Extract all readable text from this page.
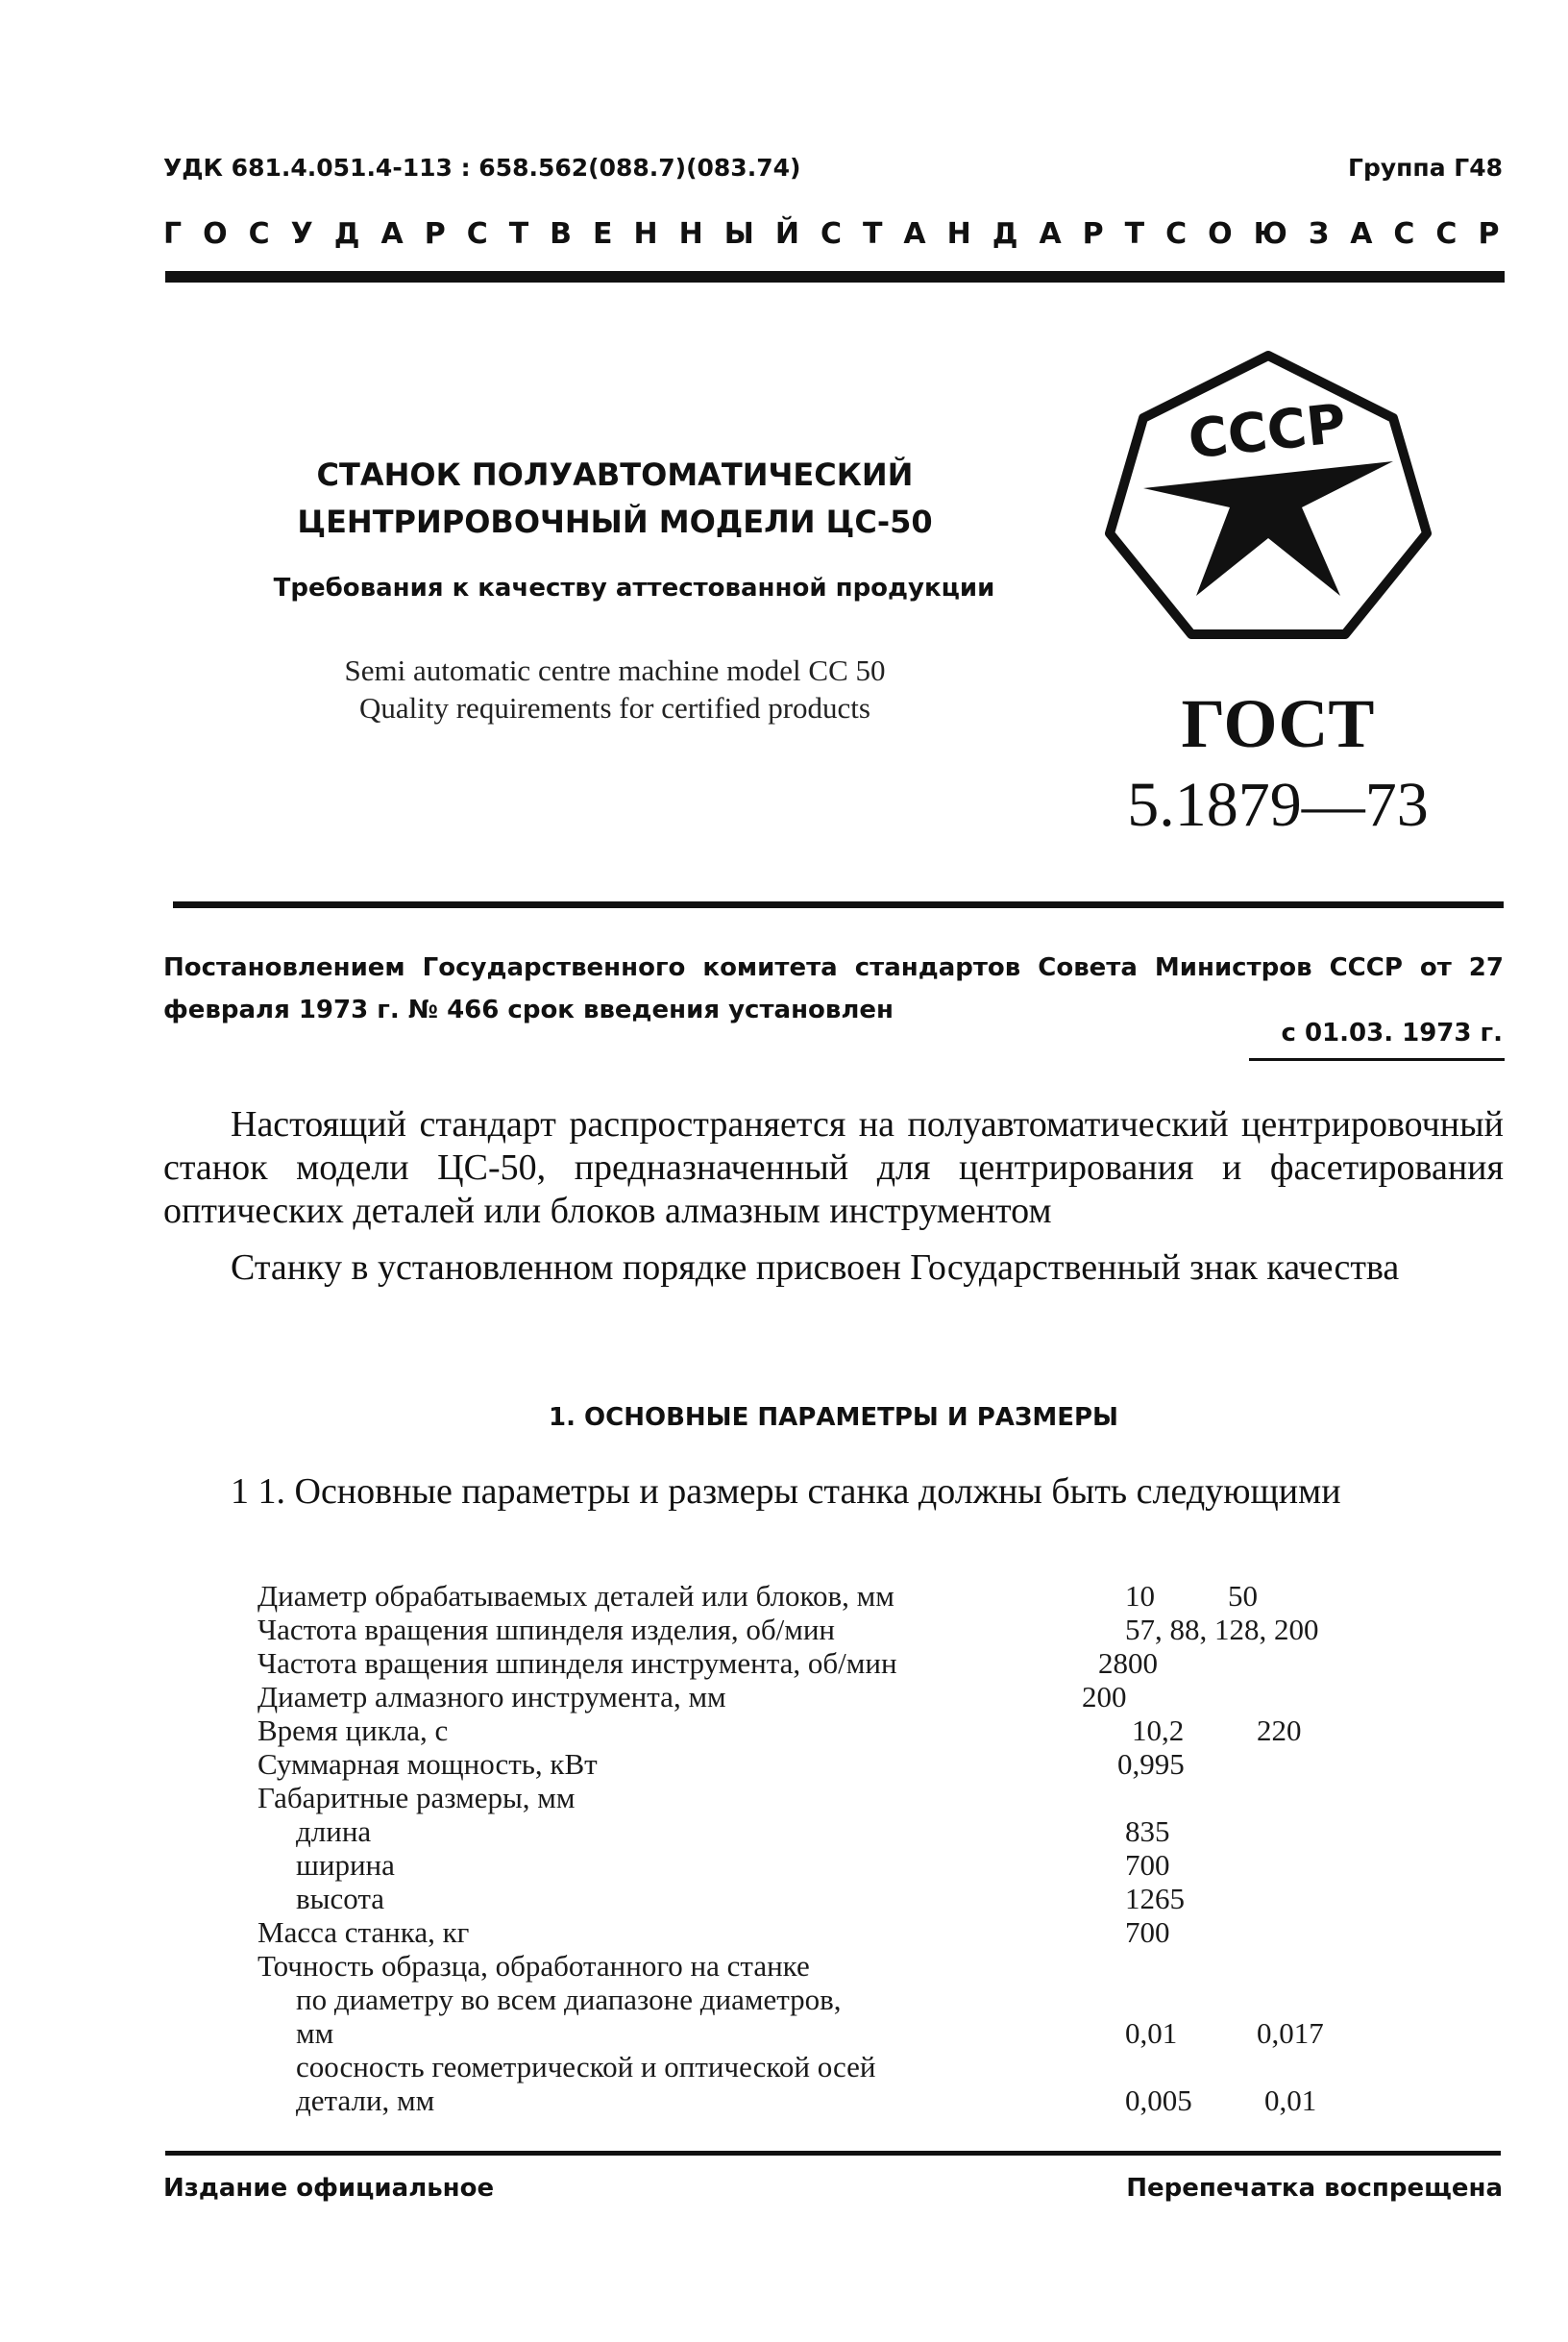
УДК 681.4.051.4-113 : 658.562(088.7)(083.74)	Группа Г48
ГОСУДАРСТВЕННЫЙ СТАНДАРТ СОЮЗА ССР
СТАНОК ПОЛУАВТОМАТИЧЕСКИЙ
ЦЕНТРИРОВОЧНЫЙ МОДЕЛИ ЦС-50
Требования к качеству аттестованной продукции
Semi automatic centre machine model CC 50
Quality requirements for certified products
СССР
ГОСТ
5.1879—73
Постановлением Государственного комитета стандартов Совета Министров СССР от 27 февраля 1973 г. № 466 срок введения установлен
с 01.03. 1973 г.

Настоящий стандарт распространяется на полуавтоматический центрировочный станок модели ЦС-50, предназначенный для центрирования и фасетирования оптических деталей или блоков алмазным инструментом

Станку в установленном порядке присвоен Государственный знак качества

1. ОСНОВНЫЕ ПАРАМЕТРЫ И РАЗМЕРЫ
1 1. Основные параметры и размеры станка должны быть следующими
Диаметр обрабатываемых деталей или блоков, мм	10 50
Частота вращения шпинделя изделия, об/мин	57, 88, 128, 200
Частота вращения шпинделя инструмента, об/мин	2800
Диаметр алмазного инструмента, мм	200
Время цикла, с	10,2 220
Суммарная мощность, кВт	0,995
Габаритные размеры, мм
длина	835
ширина	700
высота	1265
Масса станка, кг	700
Точность образца, обработанного на станке
по диаметру во всем диапазоне диаметров,
мм	0,01	0,017
соосность геометрической и оптической осей
детали, мм	0,005 0,01
Издание официальное	Перепечатка воспрещена
